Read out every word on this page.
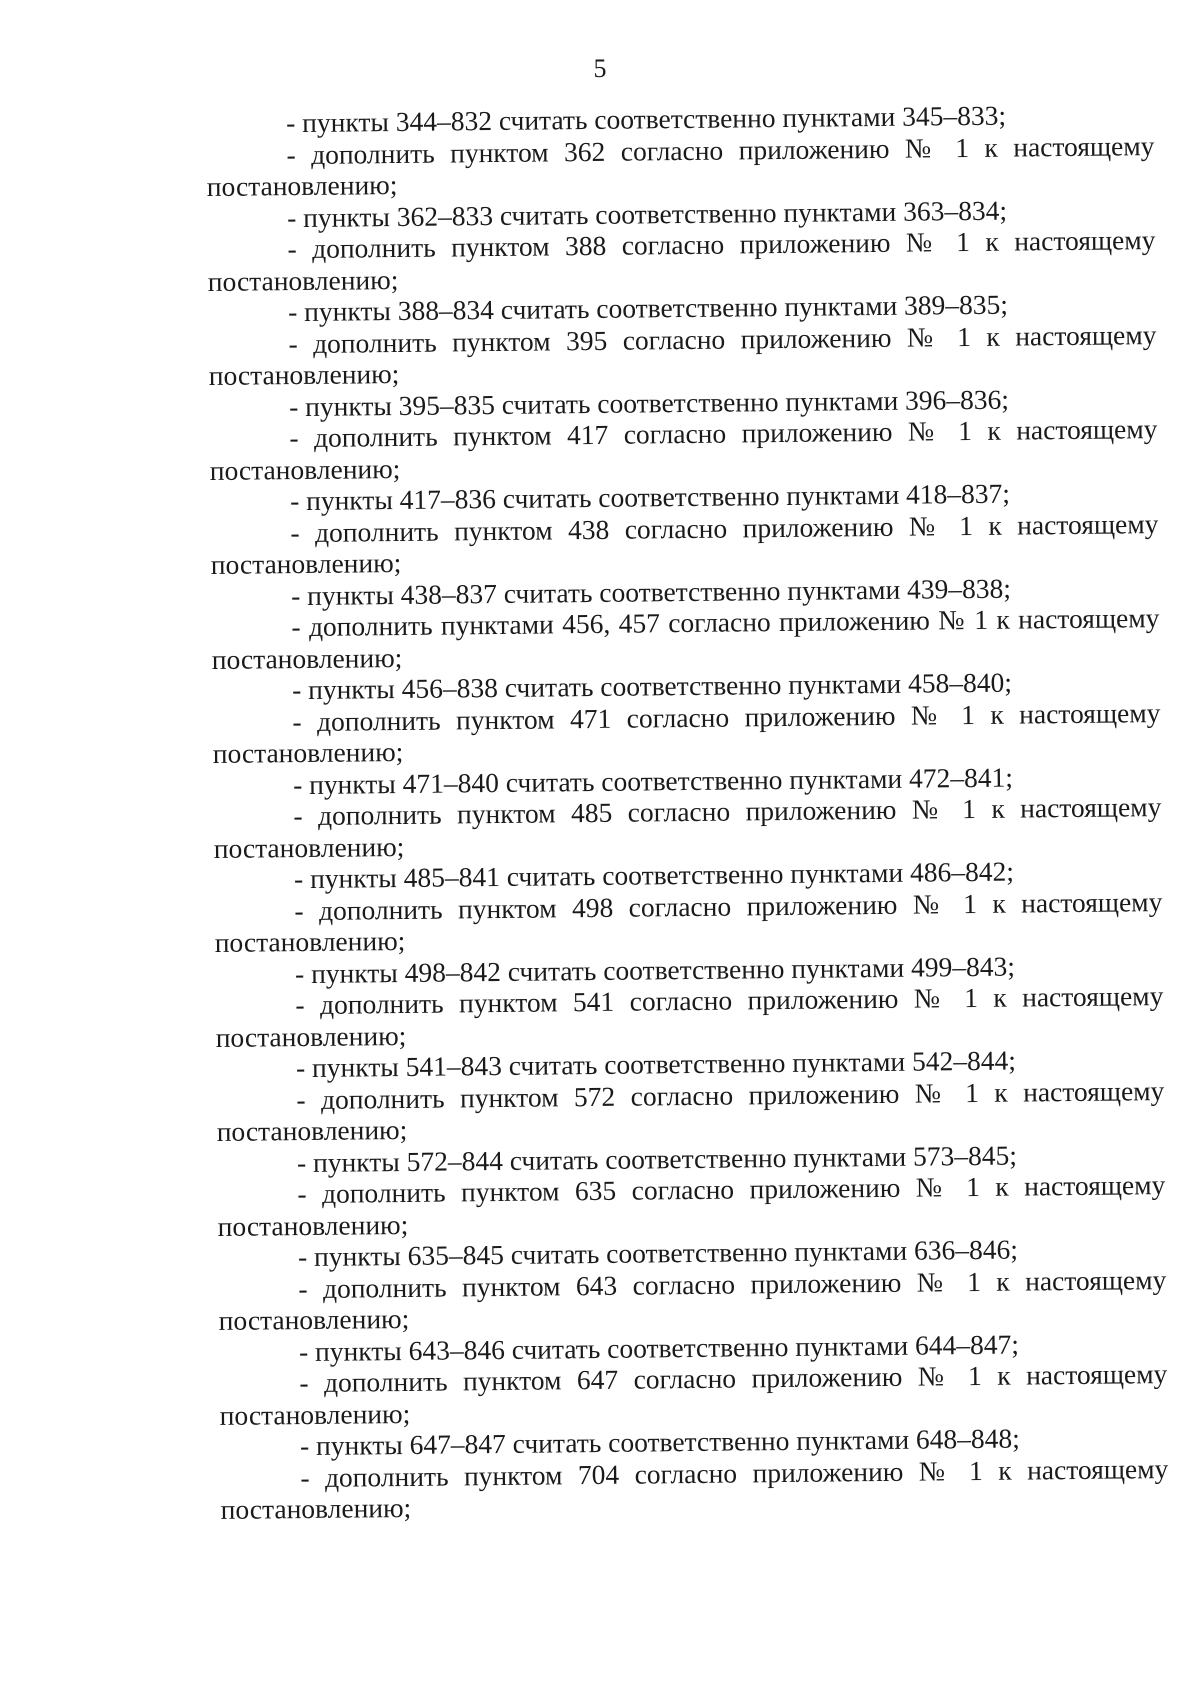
5

- пункты 344–832 считать соответственно пунктами 345–833;

- дополнить пунктом 362 согласно приложению № 1 к настоящему постановлению;

- пункты 362–833 считать соответственно пунктами 363–834;

- дополнить пунктом 388 согласно приложению № 1 к настоящему постановлению;

- пункты 388–834 считать соответственно пунктами 389–835;

- дополнить пунктом 395 согласно приложению № 1 к настоящему постановлению;

- пункты 395–835 считать соответственно пунктами 396–836;

- дополнить пунктом 417 согласно приложению № 1 к настоящему постановлению;

- пункты 417–836 считать соответственно пунктами 418–837;

- дополнить пунктом 438 согласно приложению № 1 к настоящему постановлению;

- пункты 438–837 считать соответственно пунктами 439–838;

- дополнить пунктами 456, 457 согласно приложению № 1 к настоящему постановлению;

- пункты 456–838 считать соответственно пунктами 458–840;

- дополнить пунктом 471 согласно приложению № 1 к настоящему постановлению;

- пункты 471–840 считать соответственно пунктами 472–841;

- дополнить пунктом 485 согласно приложению № 1 к настоящему постановлению;

- пункты 485–841 считать соответственно пунктами 486–842;

- дополнить пунктом 498 согласно приложению № 1 к настоящему постановлению;

- пункты 498–842 считать соответственно пунктами 499–843;

- дополнить пунктом 541 согласно приложению № 1 к настоящему постановлению;

- пункты 541–843 считать соответственно пунктами 542–844;

- дополнить пунктом 572 согласно приложению № 1 к настоящему постановлению;

- пункты 572–844 считать соответственно пунктами 573–845;

- дополнить пунктом 635 согласно приложению № 1 к настоящему постановлению;

- пункты 635–845 считать соответственно пунктами 636–846;

- дополнить пунктом 643 согласно приложению № 1 к настоящему постановлению;

- пункты 643–846 считать соответственно пунктами 644–847;

- дополнить пунктом 647 согласно приложению № 1 к настоящему постановлению;

- пункты 647–847 считать соответственно пунктами 648–848;

- дополнить пунктом 704 согласно приложению № 1 к настоящему постановлению;
